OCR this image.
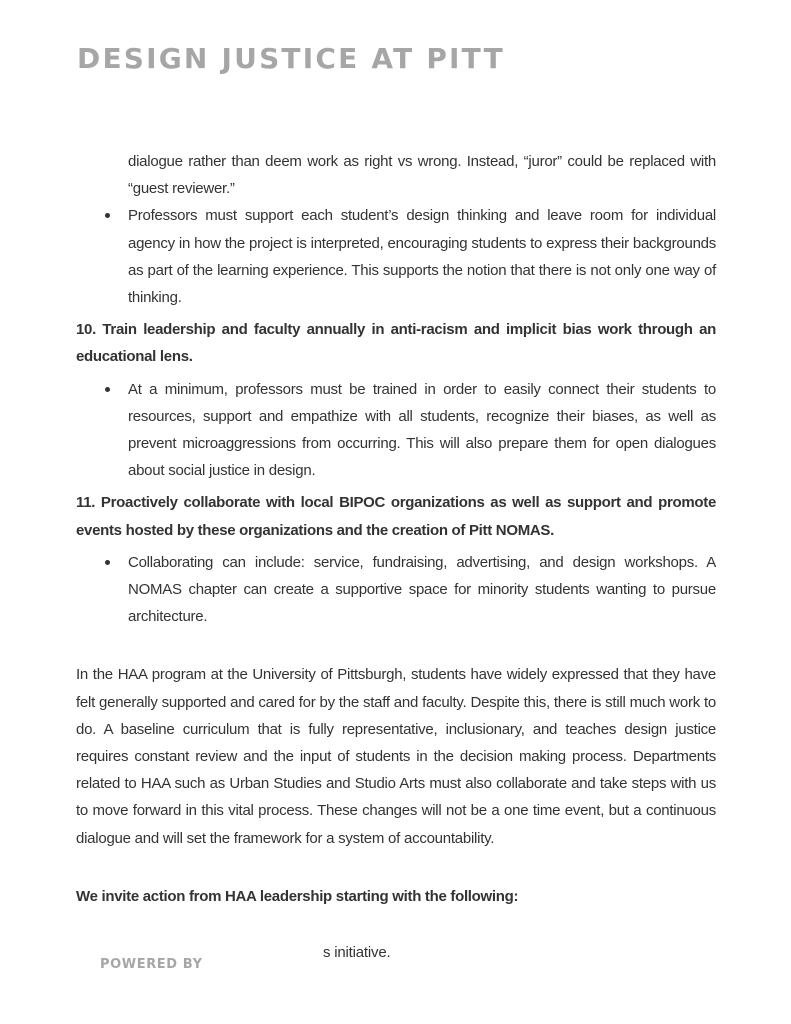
DESIGN JUSTICE AT PITT
dialogue rather than deem work as right vs wrong. Instead, “juror” could be replaced with “guest reviewer.”
Professors must support each student’s design thinking and leave room for individual agency in how the project is interpreted, encouraging students to express their backgrounds as part of the learning experience. This supports the notion that there is not only one way of thinking.
10. Train leadership and faculty annually in anti-racism and implicit bias work through an educational lens.
At a minimum, professors must be trained in order to easily connect their students to resources, support and empathize with all students, recognize their biases, as well as prevent microaggressions from occurring. This will also prepare them for open dialogues about social justice in design.
11. Proactively collaborate with local BIPOC organizations as well as support and promote events hosted by these organizations and the creation of Pitt NOMAS.
Collaborating can include: service, fundraising, advertising, and design workshops. A NOMAS chapter can create a supportive space for minority students wanting to pursue architecture.

In the HAA program at the University of Pittsburgh, students have widely expressed that they have felt generally supported and cared for by the staff and faculty. Despite this, there is still much work to do. A baseline curriculum that is fully representative, inclusionary, and teaches design justice requires constant review and the input of students in the decision making process. Departments related to HAA such as Urban Studies and Studio Arts must also collaborate and take steps with us to move forward in this vital process. These changes will not be a one time event, but a continuous dialogue and will set the framework for a system of accountability.

We invite action from HAA leadership starting with the following:

s initiative.
POWERED BY
